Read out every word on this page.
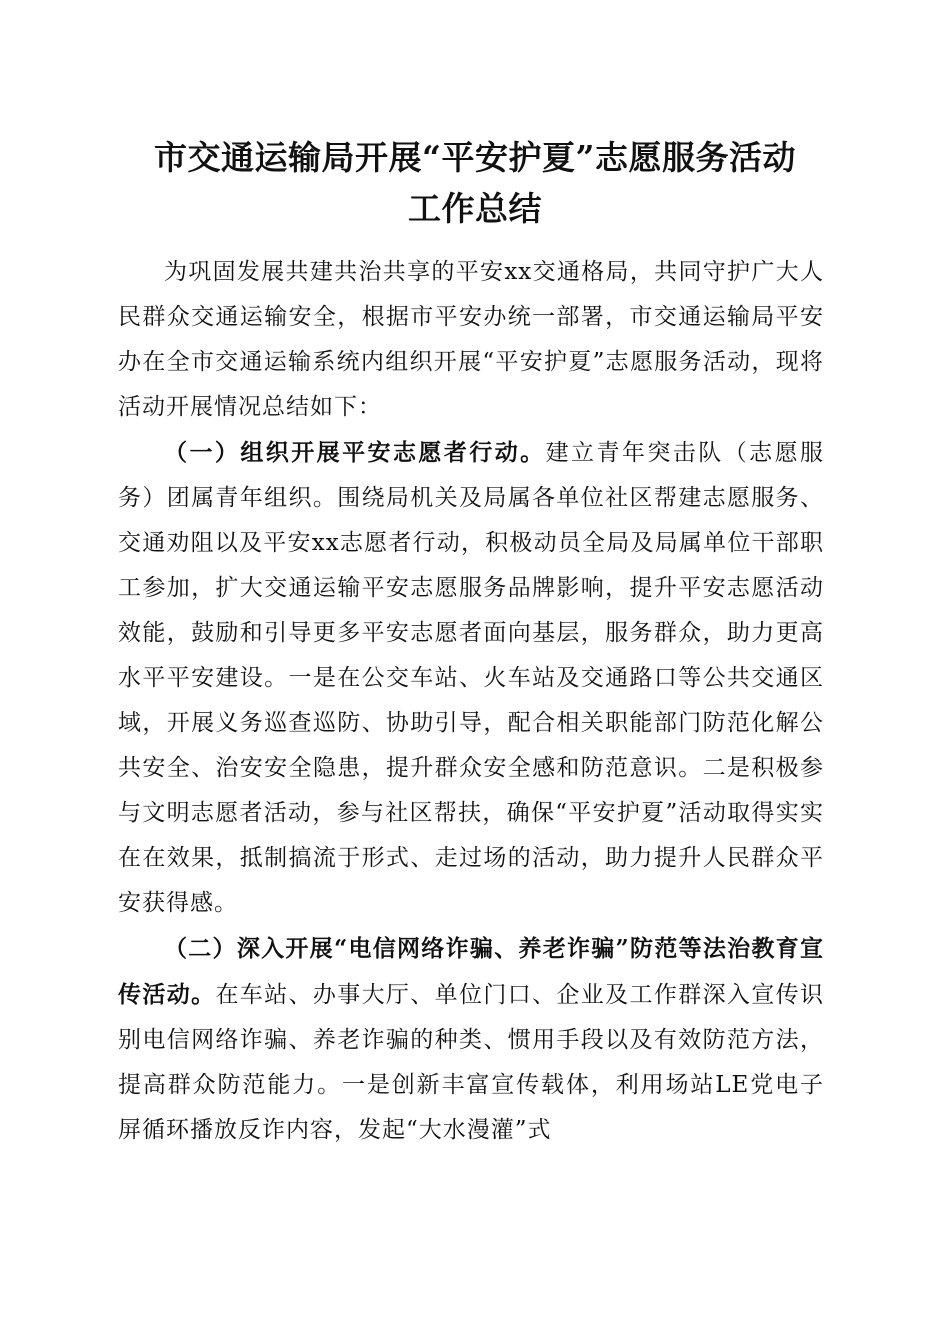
市交通运输局开展“平安护夏”志愿服务活动
工作总结

为巩固发展共建共治共享的平安xx交通格局，共同守护广大人民群众交通运输安全，根据市平安办统一部署，市交通运输局平安办在全市交通运输系统内组织开展“平安护夏”志愿服务活动，现将活动开展情况总结如下：

（一）组织开展平安志愿者行动。建立青年突击队（志愿服务）团属青年组织。围绕局机关及局属各单位社区帮建志愿服务、交通劝阻以及平安xx志愿者行动，积极动员全局及局属单位干部职工参加，扩大交通运输平安志愿服务品牌影响，提升平安志愿活动效能，鼓励和引导更多平安志愿者面向基层，服务群众，助力更高水平平安建设。一是在公交车站、火车站及交通路口等公共交通区域，开展义务巡查巡防、协助引导，配合相关职能部门防范化解公共安全、治安安全隐患，提升群众安全感和防范意识。二是积极参与文明志愿者活动，参与社区帮扶，确保“平安护夏”活动取得实实在在效果，抵制搞流于形式、走过场的活动，助力提升人民群众平安获得感。

（二）深入开展“电信网络诈骗、养老诈骗”防范等法治教育宣传活动。在车站、办事大厅、单位门口、企业及工作群深入宣传识别电信网络诈骗、养老诈骗的种类、惯用手段以及有效防范方法，提高群众防范能力。一是创新丰富宣传载体，利用场站LE党电子屏循环播放反诈内容，发起“大水漫灌”式
